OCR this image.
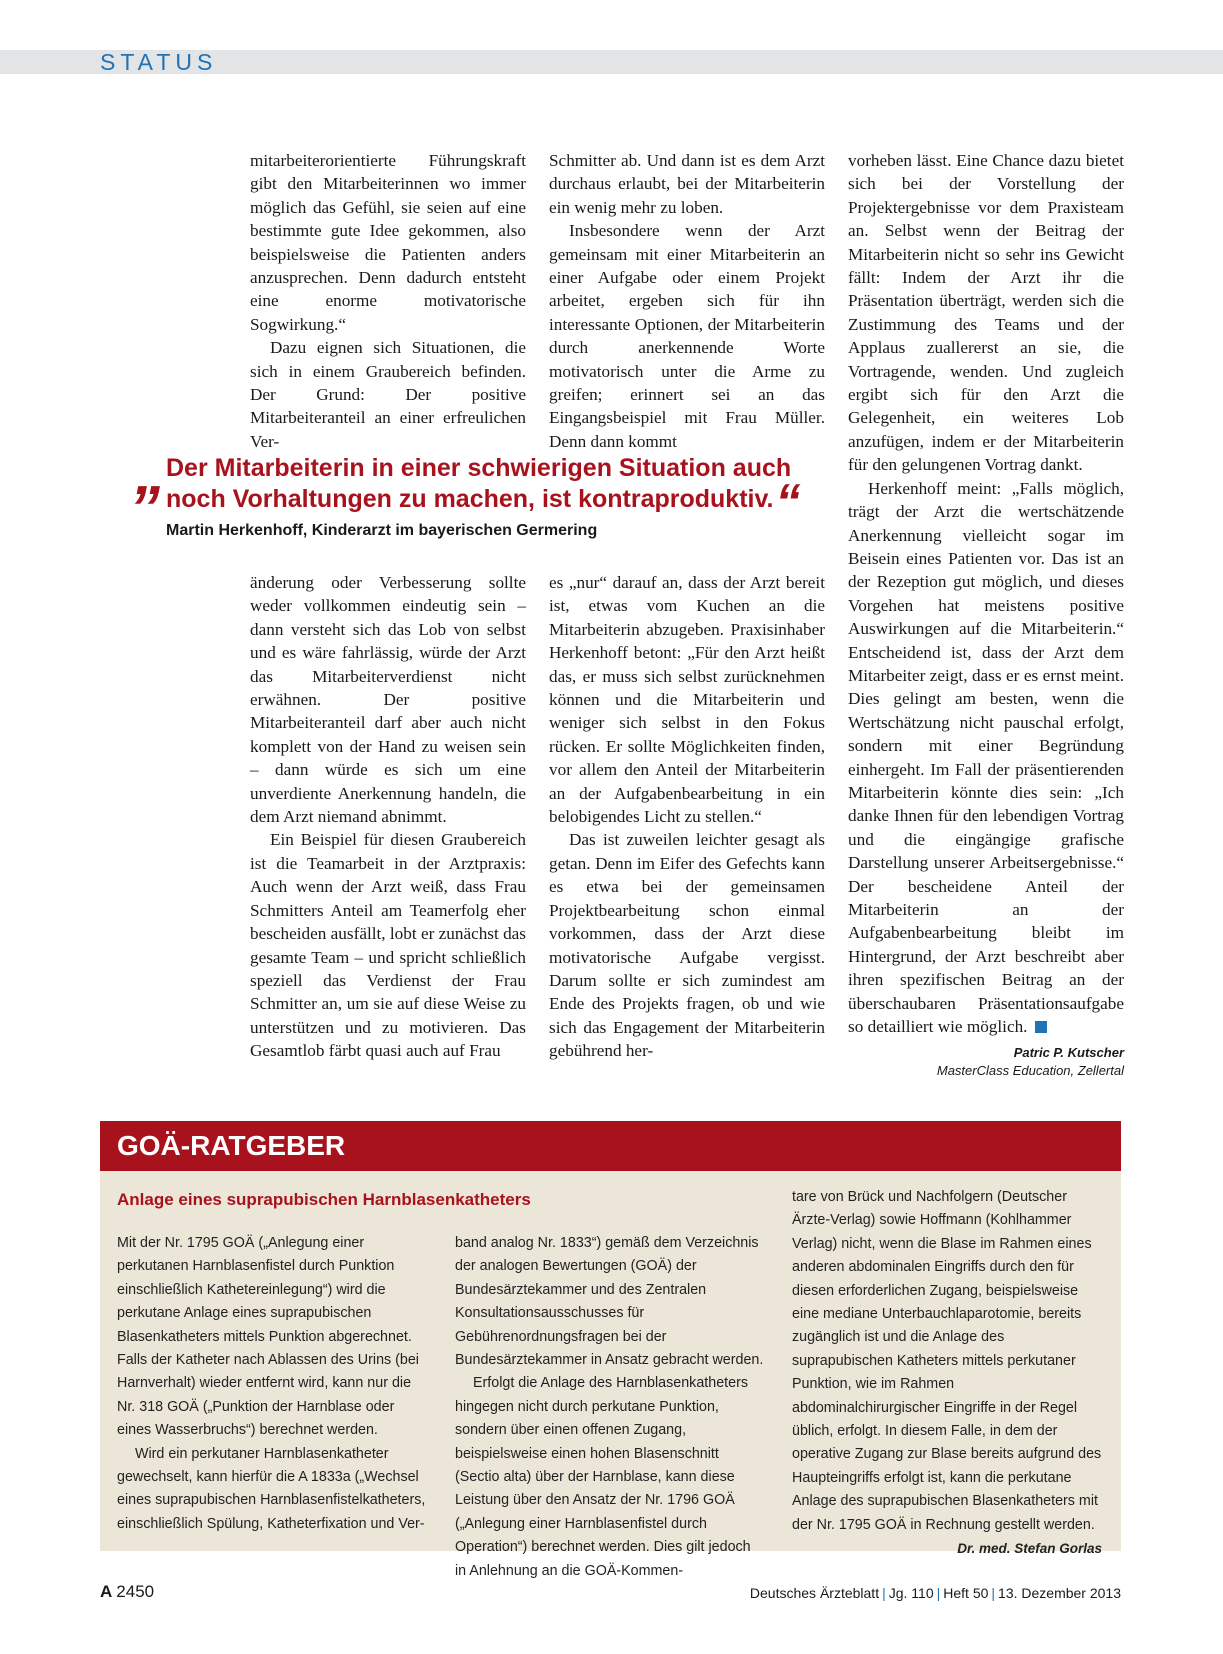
STATUS

mitarbeiterorientierte Führungskraft gibt den Mitarbeiterinnen wo immer möglich das Gefühl, sie seien auf eine bestimmte gute Idee gekommen, also beispielsweise die Patienten anders anzusprechen. Denn dadurch entsteht eine enorme motivatorische Sogwirkung.“

Dazu eignen sich Situationen, die sich in einem Graubereich befinden. Der Grund: Der positive Mitarbeiteranteil an einer erfreulichen Ver-

Schmitter ab. Und dann ist es dem Arzt durchaus erlaubt, bei der Mitarbeiterin ein wenig mehr zu loben.

Insbesondere wenn der Arzt gemeinsam mit einer Mitarbeiterin an einer Aufgabe oder einem Projekt arbeitet, ergeben sich für ihn interessante Optionen, der Mitarbeiterin durch anerkennende Worte motivatorisch unter die Arme zu greifen; erinnert sei an das Eingangsbeispiel mit Frau Müller. Denn dann kommt

vorheben lässt. Eine Chance dazu bietet sich bei der Vorstellung der Projektergebnisse vor dem Praxisteam an. Selbst wenn der Beitrag der Mitarbeiterin nicht so sehr ins Gewicht fällt: Indem der Arzt ihr die Präsentation überträgt, werden sich die Zustimmung des Teams und der Applaus zuallererst an sie, die Vortragende, wenden. Und zugleich ergibt sich für den Arzt die Gelegenheit, ein weiteres Lob anzufügen, indem er der Mitarbeiterin für den gelungenen Vortrag dankt.

Herkenhoff meint: „Falls möglich, trägt der Arzt die wertschätzende Anerkennung vielleicht sogar im Beisein eines Patienten vor. Das ist an der Rezeption gut möglich, und dieses Vorgehen hat meistens positive Auswirkungen auf die Mitarbeiterin.“ Entscheidend ist, dass der Arzt dem Mitarbeiter zeigt, dass er es ernst meint. Dies gelingt am besten, wenn die Wertschätzung nicht pauschal erfolgt, sondern mit einer Begründung einhergeht. Im Fall der präsentierenden Mitarbeiterin könnte dies sein: „Ich danke Ihnen für den lebendigen Vortrag und die eingängige grafische Darstellung unserer Arbeitsergebnisse.“ Der bescheidene Anteil der Mitarbeiterin an der Aufgabenbearbeitung bleibt im Hintergrund, der Arzt beschreibt aber ihren spezifischen Beitrag an der überschaubaren Präsentationsaufgabe so detailliert wie möglich.

Patric P. Kutscher
MasterClass Education, Zellertal
„ Der Mitarbeiterin in einer schwierigen Situation auch noch Vorhaltungen zu machen, ist kontraproduktiv.“
Martin Herkenhoff, Kinderarzt im bayerischen Germering

änderung oder Verbesserung sollte weder vollkommen eindeutig sein – dann versteht sich das Lob von selbst und es wäre fahrlässig, würde der Arzt das Mitarbeiterverdienst nicht erwähnen. Der positive Mitarbeiteranteil darf aber auch nicht komplett von der Hand zu weisen sein – dann würde es sich um eine unverdiente Anerkennung handeln, die dem Arzt niemand abnimmt.

Ein Beispiel für diesen Graubereich ist die Teamarbeit in der Arztpraxis: Auch wenn der Arzt weiß, dass Frau Schmitters Anteil am Teamerfolg eher bescheiden ausfällt, lobt er zunächst das gesamte Team – und spricht schließlich speziell das Verdienst der Frau Schmitter an, um sie auf diese Weise zu unterstützen und zu motivieren. Das Gesamtlob färbt quasi auch auf Frau

es „nur“ darauf an, dass der Arzt bereit ist, etwas vom Kuchen an die Mitarbeiterin abzugeben. Praxisinhaber Herkenhoff betont: „Für den Arzt heißt das, er muss sich selbst zurücknehmen können und die Mitarbeiterin und weniger sich selbst in den Fokus rücken. Er sollte Möglichkeiten finden, vor allem den Anteil der Mitarbeiterin an der Aufgabenbearbeitung in ein belobigendes Licht zu stellen.“

Das ist zuweilen leichter gesagt als getan. Denn im Eifer des Gefechts kann es etwa bei der gemeinsamen Projektbearbeitung schon einmal vorkommen, dass der Arzt diese motivatorische Aufgabe vergisst. Darum sollte er sich zumindest am Ende des Projekts fragen, ob und wie sich das Engagement der Mitarbeiterin gebührend her-

GOÄ-RATGEBER
Anlage eines suprapubischen Harnblasenkatheters

Mit der Nr. 1795 GOÄ („Anlegung einer perkutanen Harnblasenfistel durch Punktion einschließlich Kathetereinlegung“) wird die perkutane Anlage eines suprapubischen Blasenkatheters mittels Punktion abgerechnet. Falls der Katheter nach Ablassen des Urins (bei Harnverhalt) wieder entfernt wird, kann nur die Nr. 318 GOÄ („Punktion der Harnblase oder eines Wasserbruchs“) berechnet werden.

Wird ein perkutaner Harnblasenkatheter gewechselt, kann hierfür die A 1833a („Wechsel eines suprapubischen Harnblasenfistelkatheters, einschließlich Spülung, Katheterfixation und Ver-

band analog Nr. 1833“) gemäß dem Verzeichnis der analogen Bewertungen (GOÄ) der Bundesärztekammer und des Zentralen Konsultationsausschusses für Gebührenordnungsfragen bei der Bundesärztekammer in Ansatz gebracht werden.

Erfolgt die Anlage des Harnblasenkatheters hingegen nicht durch perkutane Punktion, sondern über einen offenen Zugang, beispielsweise einen hohen Blasenschnitt (Sectio alta) über der Harnblase, kann diese Leistung über den Ansatz der Nr. 1796 GOÄ („Anlegung einer Harnblasenfistel durch Operation“) berechnet werden. Dies gilt jedoch in Anlehnung an die GOÄ-Kommen-

tare von Brück und Nachfolgern (Deutscher Ärzte-Verlag) sowie Hoffmann (Kohlhammer Verlag) nicht, wenn die Blase im Rahmen eines anderen abdominalen Eingriffs durch den für diesen erforderlichen Zugang, beispielsweise eine mediane Unterbauchlaparotomie, bereits zugänglich ist und die Anlage des suprapubischen Katheters mittels perkutaner Punktion, wie im Rahmen abdominalchirurgischer Eingriffe in der Regel üblich, erfolgt. In diesem Falle, in dem der operative Zugang zur Blase bereits aufgrund des Haupteingriffs erfolgt ist, kann die perkutane Anlage des suprapubischen Blasenkatheters mit der Nr. 1795 GOÄ in Rechnung gestellt werden.

Dr. med. Stefan Gorlas
A 2450	Deutsches Ärzteblatt | Jg. 110 | Heft 50 | 13. Dezember 2013
